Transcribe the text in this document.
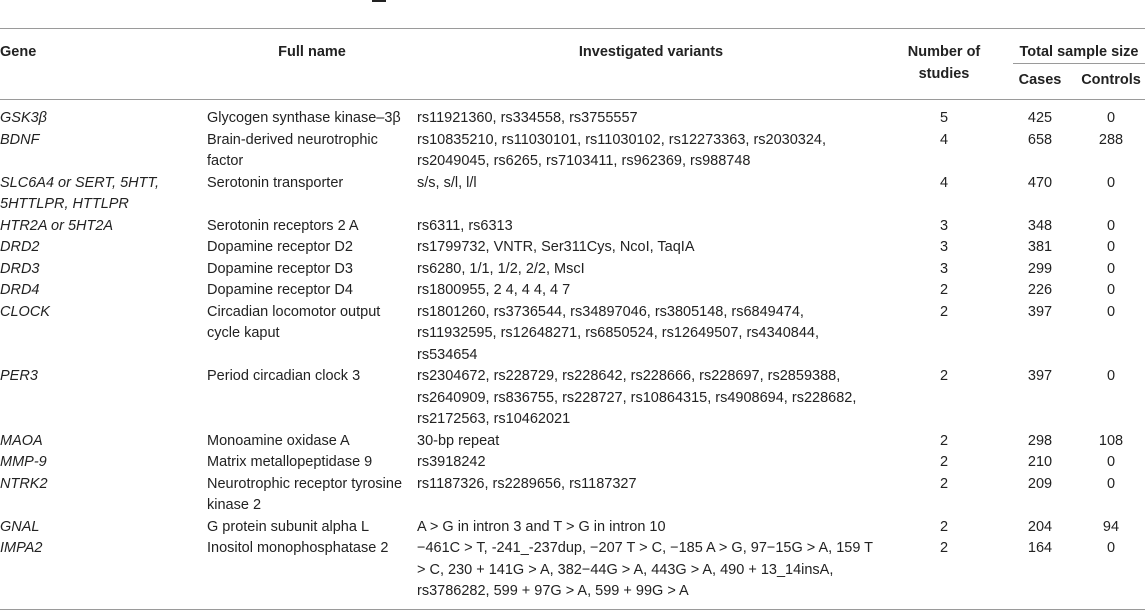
Gene	Full name	Investigated variants	Number of studies	Total sample size	

				Cases	Controls
GSK3β	Glycogen synthase kinase–3β	rs11921360, rs334558, rs3755557	5	425	0
BDNF	Brain-derived neurotrophic factor	rs10835210, rs11030101, rs11030102, rs12273363, rs2030324, rs2049045, rs6265, rs7103411, rs962369, rs988748	4	658	288
SLC6A4 or SERT, 5HTT, 5HTTLPR, HTTLPR	Serotonin transporter	s/s, s/l, l/l	4	470	0
HTR2A or 5HT2A	Serotonin receptors 2 A	rs6311, rs6313	3	348	0
DRD2	Dopamine receptor D2	rs1799732, VNTR, Ser311Cys, NcoI, TaqIA	3	381	0
DRD3	Dopamine receptor D3	rs6280, 1/1, 1/2, 2/2, MscI	3	299	0
DRD4	Dopamine receptor D4	rs1800955, 2 4, 4 4, 4 7	2	226	0
CLOCK	Circadian locomotor output cycle kaput	rs1801260, rs3736544, rs34897046, rs3805148, rs6849474, rs11932595, rs12648271, rs6850524, rs12649507, rs4340844, rs534654	2	397	0
PER3	Period circadian clock 3	rs2304672, rs228729, rs228642, rs228666, rs228697, rs2859388, rs2640909, rs836755, rs228727, rs10864315, rs4908694, rs228682, rs2172563, rs10462021	2	397	0
MAOA	Monoamine oxidase A	30-bp repeat	2	298	108
MMP-9	Matrix metallopeptidase 9	rs3918242	2	210	0
NTRK2	Neurotrophic receptor tyrosine kinase 2	rs1187326, rs2289656, rs1187327	2	209	0
GNAL	G protein subunit alpha L	A > G in intron 3 and T > G in intron 10	2	204	94
IMPA2	Inositol monophosphatase 2	−461C > T, -241_-237dup, −207 T > C, −185 A > G, 97−15G > A, 159 T > C, 230 + 141G > A, 382−44G > A, 443G > A, 490 + 13_14insA, rs3786282, 599 + 97G > A, 599 + 99G > A	2	164	0
